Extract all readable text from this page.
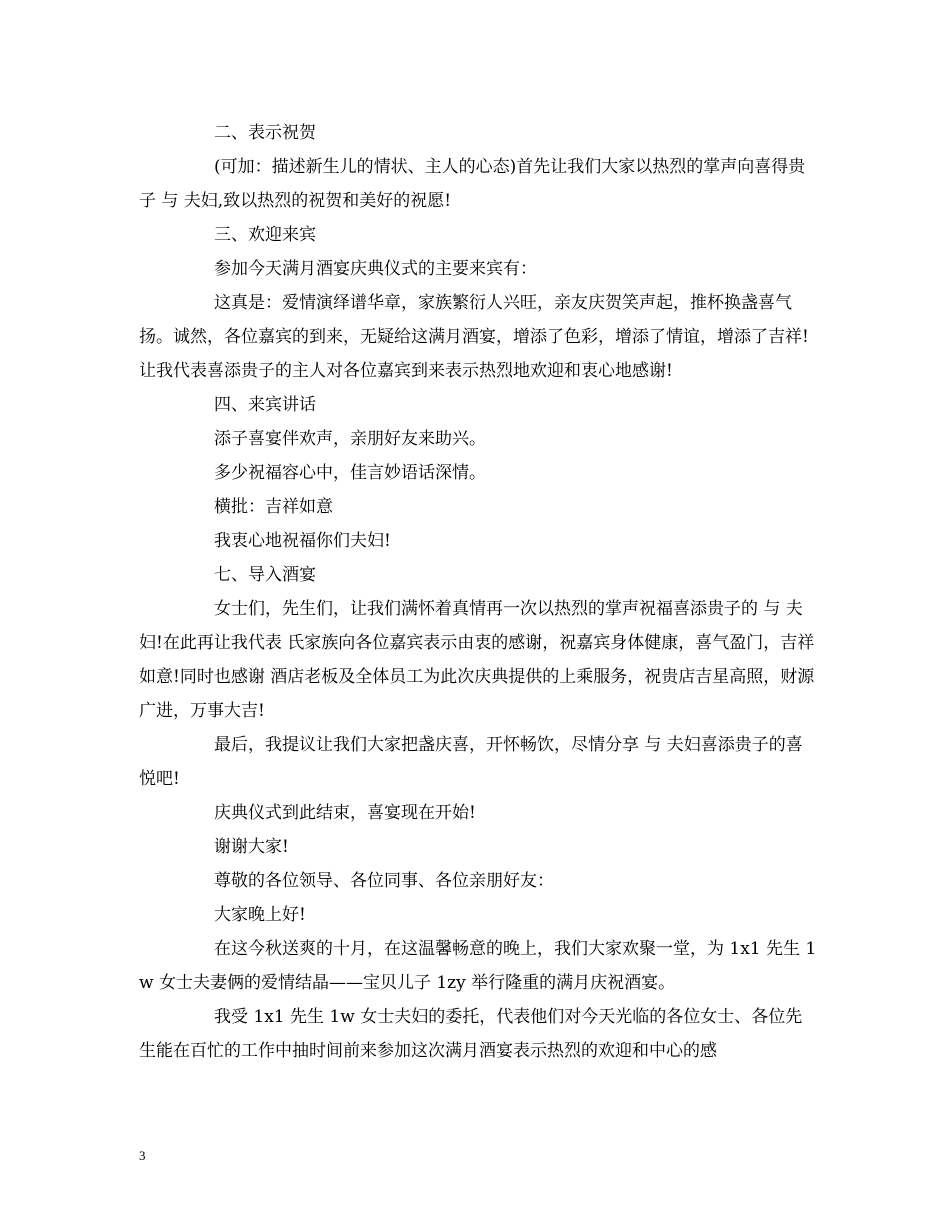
二、表示祝贺

(可加：描述新生儿的情状、主人的心态)首先让我们大家以热烈的掌声向喜得贵子 与 夫妇,致以热烈的祝贺和美好的祝愿!

三、欢迎来宾

参加今天满月酒宴庆典仪式的主要来宾有：

这真是：爱情演绎谱华章，家族繁衍人兴旺，亲友庆贺笑声起，推杯换盏喜气扬。诚然，各位嘉宾的到来，无疑给这满月酒宴，增添了色彩，增添了情谊，增添了吉祥!让我代表喜添贵子的主人对各位嘉宾到来表示热烈地欢迎和衷心地感谢!

四、来宾讲话

添子喜宴伴欢声，亲朋好友来助兴。

多少祝福容心中，佳言妙语话深情。

横批：吉祥如意

我衷心地祝福你们夫妇!

七、导入酒宴

女士们，先生们，让我们满怀着真情再一次以热烈的掌声祝福喜添贵子的 与 夫妇!在此再让我代表 氏家族向各位嘉宾表示由衷的感谢，祝嘉宾身体健康，喜气盈门，吉祥如意!同时也感谢 酒店老板及全体员工为此次庆典提供的上乘服务，祝贵店吉星高照，财源广进，万事大吉!

最后，我提议让我们大家把盏庆喜，开怀畅饮，尽情分享 与 夫妇喜添贵子的喜悦吧!

庆典仪式到此结束，喜宴现在开始!

谢谢大家!

尊敬的各位领导、各位同事、各位亲朋好友：

大家晚上好!

在这今秋送爽的十月，在这温馨畅意的晚上，我们大家欢聚一堂，为 1x1 先生 1w 女士夫妻俩的爱情结晶——宝贝儿子 1zy 举行隆重的满月庆祝酒宴。

我受 1x1 先生 1w 女士夫妇的委托，代表他们对今天光临的各位女士、各位先生能在百忙的工作中抽时间前来参加这次满月酒宴表示热烈的欢迎和中心的感

3
